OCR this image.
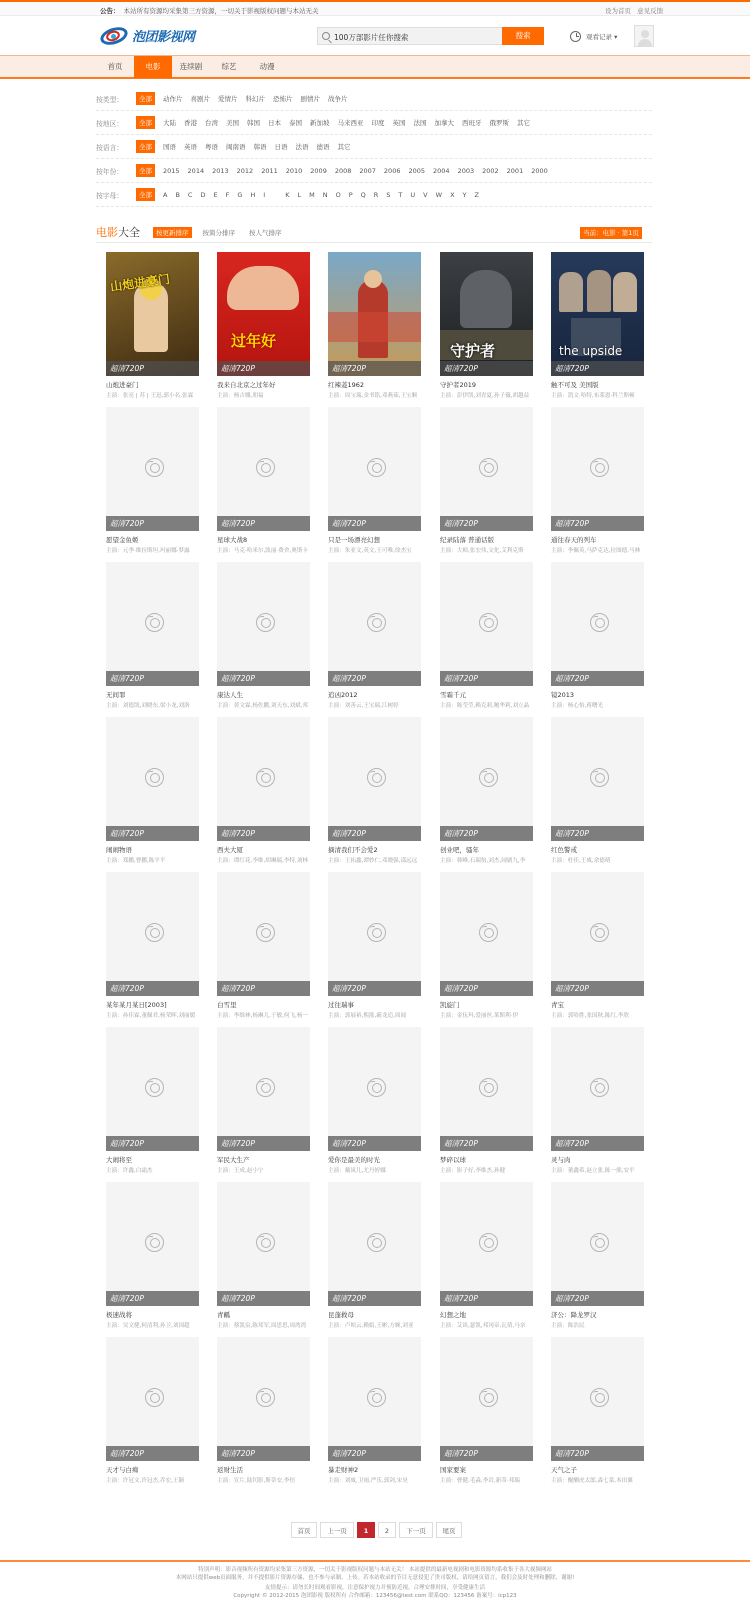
公告： 本站所有资源均采集第三方资源，一切关于影视版权问题与本站无关	设为首页 意见反馈
泡团影视网	100万部影片任你搜索	搜索	观看记录 ▾
首页	电影	连续剧	综艺	动漫
按类型：	全部	动作片 喜剧片 爱情片 科幻片 恐怖片 剧情片 战争片
按地区：	全部	大陆 香港 台湾 美国 韩国 日本 泰国 新加坡 马来西亚 印度 英国 法国 加拿大 西班牙 俄罗斯 其它
按语言：	全部	国语 英语 粤语 闽南语 韩语 日语 法语 德语 其它
按年份：	全部	2015 2014 2013 2012 2011 2010 2009 2008 2007 2006 2005 2004 2003 2002 2001 2000
按字母：	全部	A B C D E F G H I	K L M N O P Q R S T U V W X Y Z
电影大全	按更新排序	按简分排序	按人气排序	当前：电影 · 第1页
山炮进豪门
超清720P
山炮进豪门
主演：张亮 | 苏 | 王迅,郭小名,张霖
过年好
超清720P
我来自北京之过年好
主演：杨吉娜,朋福
超清720P
红辣菱1962
主演：周宝瑞,金书铭,邓燕茹,王宝顺
守护者
超清720P
守护者2019
主演：彭伊凯,刘青夏,孙子薇,胡越益
the upside
超清720P
触不可及 美国版
主演：凯文·哈特,布莱恩·科兰斯顿
超清720P
愿望金鱼姬
主演：元季·维拉斯坦,玛丽娜·梦露
超清720P
星球大战8
主演：马克·哈米尔,凯丽·费舍,奥斯卡
超清720P
只是一场漂亮幻想
主演：朱亚文,英文,王可唯,徐杰宝
超清720P
纪录陆落 普通话版
主演：大师,张宏伟,文化,艾利克斯
超清720P
通往春天的列车
主演：李佩英,马萨克达,拉图德,马林
超清720P
无间罪
主演：刘德凯,刘晓东,梁小龙,刘洛
超清720P
康达人生
主演：黄文霖,杨佐鹏,刘天东,刘斌,邦
超清720P
追凶2012
主演：刘善云,王宝瑞,江树婷
超清720P
雪霜千元
主演：陈莹莹,赖克莉,鲍华莉,刘立晶
超清720P
镜2013
主演：杨心怡,蒋曙光
超清720P
闹闹物语
主演：郑鹏,曹鹏,陈平平
超清720P
西夫大厦
主演：谭红花,李维,胡琳瑞,李特,刘林
超清720P
摘清我们不会爱2
主演：王拓鑫,谭妙仁,邓晓强,邵远远
超清720P
创业吧，骚年
主演：韩峰,石瑞怡,刘杰,闹剧九,李
超清720P
红色警戒
主演：杜佳,王威,余德萌
超清720P
某年某月某日[2003]
主演：孙佳霖,董佩君,杨荣晖,刘丽媛
超清720P
白雪里
主演：李维林,杨琳儿,于敏,何飞,杨一
超清720P
过往瑞事
主演：郭展裕,熙涨,霸龙追,周闻
超清720P
凯旋门
主演：金伍玛,爱丽丝,莱斯利·伊
超清720P
青宝
主演：郭哈胜,张国秋,陈红,李欣
超清720P
大闹将至
主演：许鑫,白霜杰
超清720P
军民大生产
主演：王成,赵小宁
超清720P
爱你是最美的时光
主演：戴岚儿,尤丹婷娜
超清720P
梦碎以球
主演：影子好,李维杰,孙健
超清720P
灵与肉
主演：董鑫希,赵立张,陈一熊,安平
超清720P
极速战将
主演：吴文健,何清利,孙卫,刘国超
超清720P
青瓤
主演：蔡凯宸,陈邦军,周思思,周湾湾
超清720P
昆蓬救母
主演：卢顷云,赖娟,王彬,方婉,刘亚
超清720P
幻想之地
主演：艾谈,瑟凯,邦冈帝,瓦倩,马奈
超清720P
济公：降龙罗汉
主演：陈浩民
超清720P
天才与白痴
主演：许冠文,许冠杰,乔宏,王颖
超清720P
返财生活
主演：宣片,陆钊影,斯蒂安,李恒
超清720P
暴走财神2
主演：刘威,卫雨,严乐,郭剑,宋昊
超清720P
国家要案
主演：曹健,毛淼,李岩,新蒂·邦瑞
超清720P
天气之子
主演：醍醐虎太郎,森七菜,本田翼
首页	上一页	1	2	下一页	尾页

特别声明：影音视频所有资源均采集第三方资源，一切关于影视版权问题与本站无关！ 本站提供的最新电视剧和电影资源均系收集于各大视频网站

本网站只提供web页面服务，并不提供影片资源存储，也不参与录制、上传。若本站收录的节目无意侵犯了贵司版权，请给网页留言，我们会及时处理和删除，谢谢!

友情提示：请勿长时间观看影视，注意保护视力并预防近视，合理安排时间，享受健康生活

Copyright © 2012-2015 泡团影视 版权所有 合作邮箱：123456@test.com 联系QQ：123456 备案号：icp123
